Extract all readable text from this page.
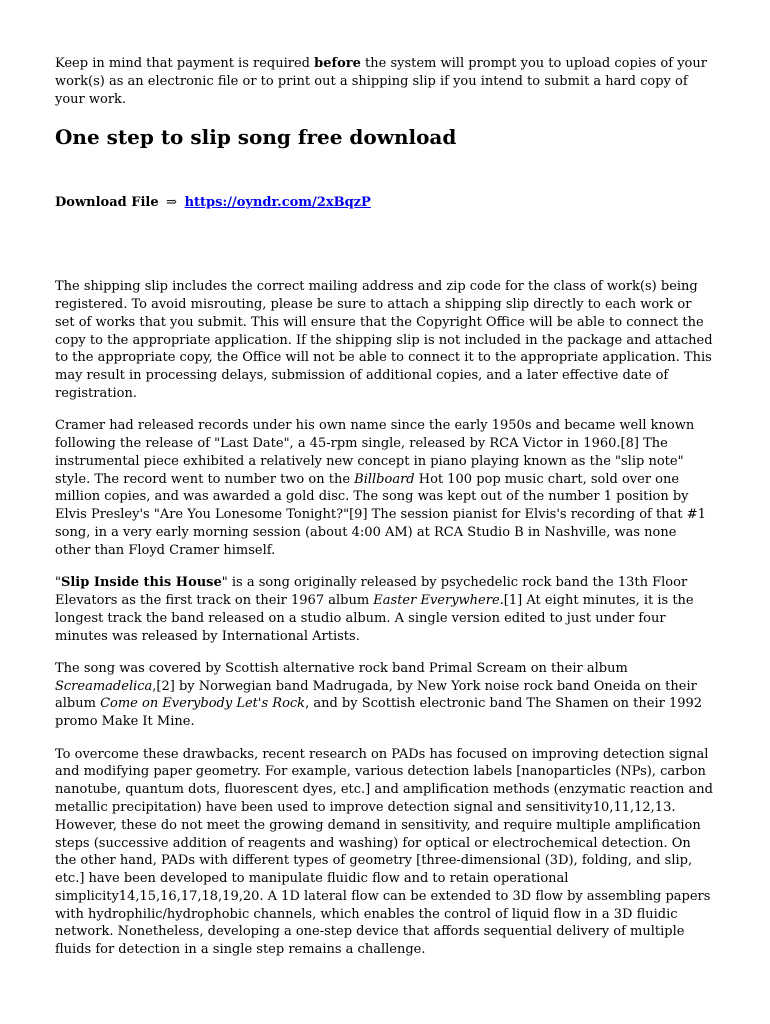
Keep in mind that payment is required before the system will prompt you to upload copies of your work(s) as an electronic file or to print out a shipping slip if you intend to submit a hard copy of your work.

One step to slip song free download

Download File ⇒ https://oyndr.com/2xBqzP

The shipping slip includes the correct mailing address and zip code for the class of work(s) being registered. To avoid misrouting, please be sure to attach a shipping slip directly to each work or set of works that you submit. This will ensure that the Copyright Office will be able to connect the copy to the appropriate application. If the shipping slip is not included in the package and attached to the appropriate copy, the Office will not be able to connect it to the appropriate application. This may result in processing delays, submission of additional copies, and a later effective date of registration.

Cramer had released records under his own name since the early 1950s and became well known following the release of "Last Date", a 45-rpm single, released by RCA Victor in 1960.[8] The instrumental piece exhibited a relatively new concept in piano playing known as the "slip note" style. The record went to number two on the Billboard Hot 100 pop music chart, sold over one million copies, and was awarded a gold disc. The song was kept out of the number 1 position by Elvis Presley's "Are You Lonesome Tonight?"[9] The session pianist for Elvis's recording of that #1 song, in a very early morning session (about 4:00 AM) at RCA Studio B in Nashville, was none other than Floyd Cramer himself.

"Slip Inside this House" is a song originally released by psychedelic rock band the 13th Floor Elevators as the first track on their 1967 album Easter Everywhere.[1] At eight minutes, it is the longest track the band released on a studio album. A single version edited to just under four minutes was released by International Artists.

The song was covered by Scottish alternative rock band Primal Scream on their album Screamadelica,[2] by Norwegian band Madrugada, by New York noise rock band Oneida on their album Come on Everybody Let's Rock, and by Scottish electronic band The Shamen on their 1992 promo Make It Mine.

To overcome these drawbacks, recent research on PADs has focused on improving detection signal and modifying paper geometry. For example, various detection labels [nanoparticles (NPs), carbon nanotube, quantum dots, fluorescent dyes, etc.] and amplification methods (enzymatic reaction and metallic precipitation) have been used to improve detection signal and sensitivity10,11,12,13. However, these do not meet the growing demand in sensitivity, and require multiple amplification steps (successive addition of reagents and washing) for optical or electrochemical detection. On the other hand, PADs with different types of geometry [three-dimensional (3D), folding, and slip, etc.] have been developed to manipulate fluidic flow and to retain operational simplicity14,15,16,17,18,19,20. A 1D lateral flow can be extended to 3D flow by assembling papers with hydrophilic/hydrophobic channels, which enables the control of liquid flow in a 3D fluidic network. Nonetheless, developing a one-step device that affords sequential delivery of multiple fluids for detection in a single step remains a challenge.
